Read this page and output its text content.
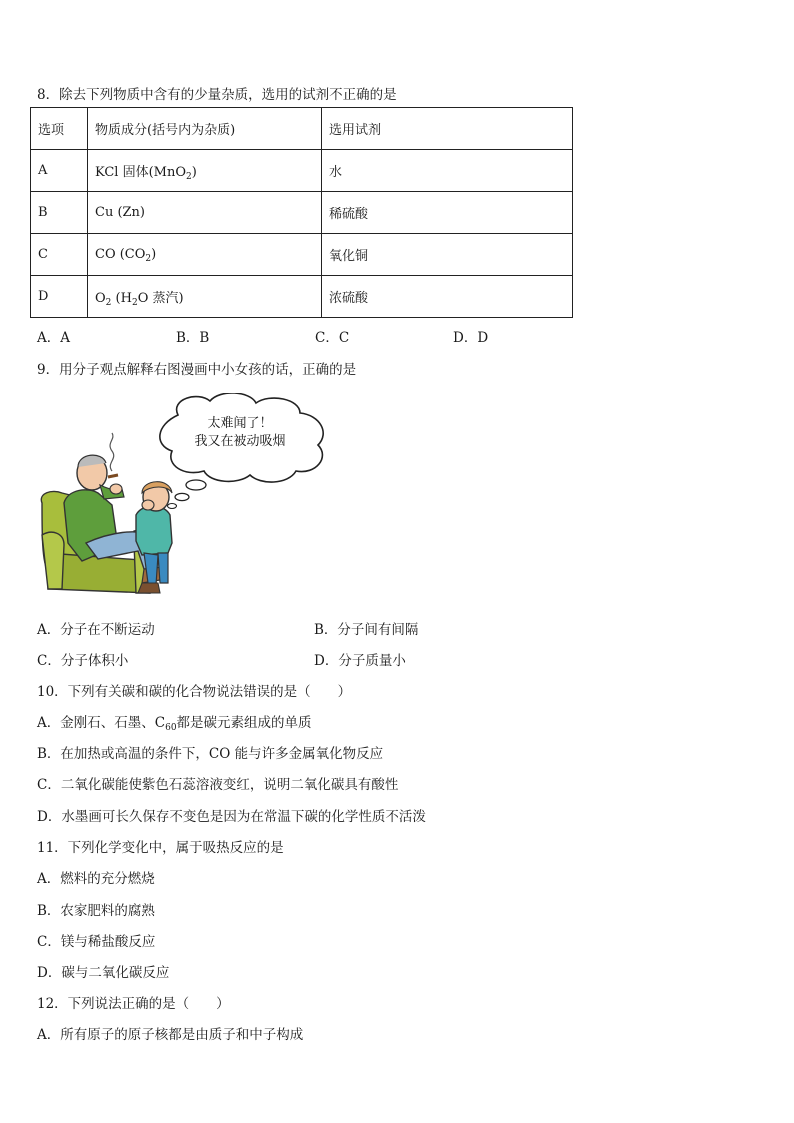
8．除去下列物质中含有的少量杂质，选用的试剂不正确的是
选项	物质成分(括号内为杂质)	选用试剂
A	KCl 固体(MnO$_2$)	水
B	Cu (Zn)	稀硫酸
C	CO $(CO_2)$	氧化铜
D	$O_2$ ($H_2O$ 蒸汽)	浓硫酸
A．A	B．B	C．C	D．D
9．用分子观点解释右图漫画中小女孩的话，正确的是
太难闻了！
我又在被动吸烟
A．分子在不断运动	B．分子间有间隔
C．分子体积小	D．分子质量小
10．下列有关碳和碳的化合物说法错误的是（　　）
A．金刚石、石墨、$C_{60}$都是碳元素组成的单质
B．在加热或高温的条件下，CO 能与许多金属氧化物反应
C．二氧化碳能使紫色石蕊溶液变红，说明二氧化碳具有酸性
D．水墨画可长久保存不变色是因为在常温下碳的化学性质不活泼
11．下列化学变化中，属于吸热反应的是
A．燃料的充分燃烧
B．农家肥料的腐熟
C．镁与稀盐酸反应
D．碳与二氧化碳反应
12．下列说法正确的是（　　）
A．所有原子的原子核都是由质子和中子构成
